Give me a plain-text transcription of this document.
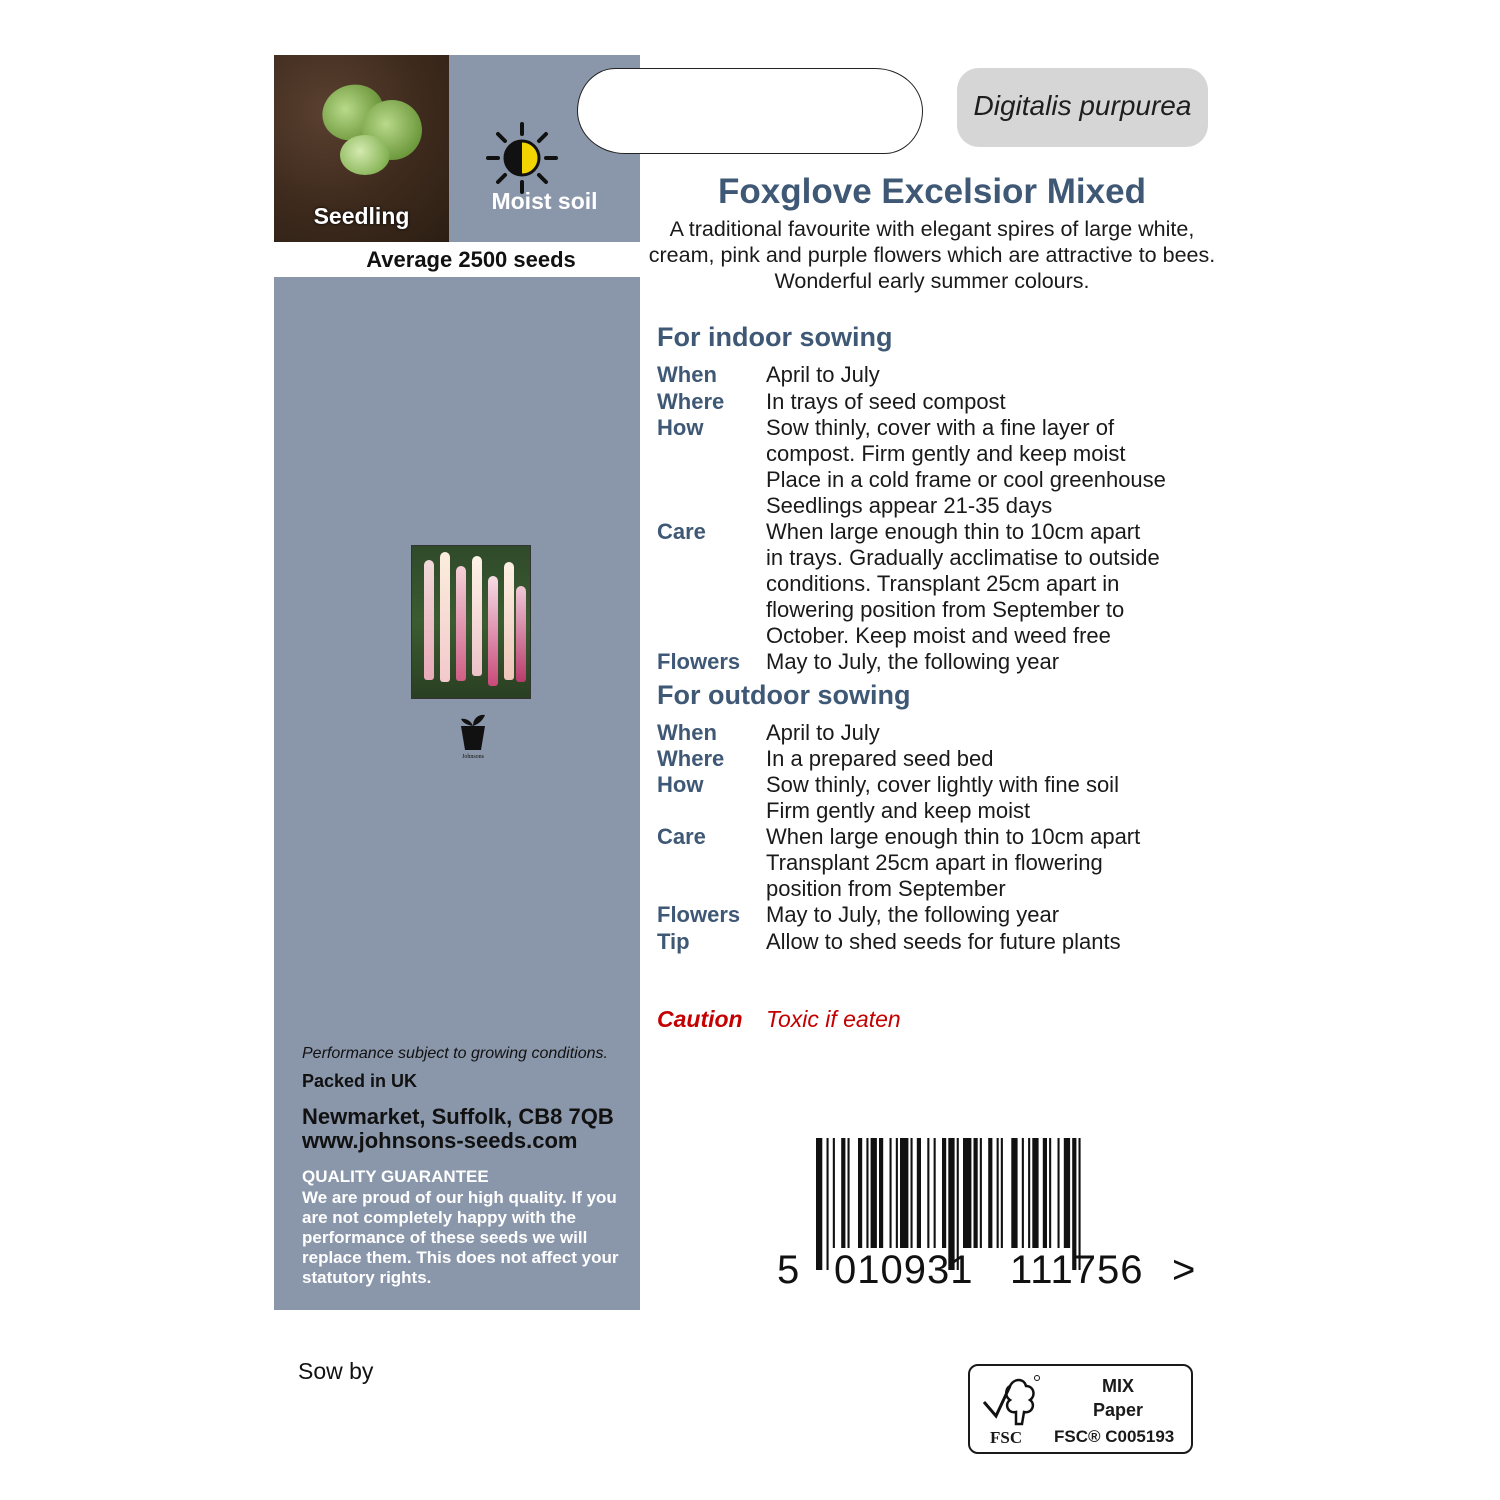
Seedling
Moist soil
Average 2500 seeds
Johnsons
Performance subject to growing conditions.
Packed in UK
Newmarket, Suffolk, CB8 7QB
www.johnsons-seeds.com
QUALITY GUARANTEE
We are proud of our high quality. If you are not completely happy with the performance of these seeds we will replace them. This does not affect your statutory rights.
Sow by
Digitalis purpurea
Foxglove Excelsior Mixed
A traditional favourite with elegant spires of large white, cream, pink and purple flowers which are attractive to bees. Wonderful early summer colours.
For indoor sowing
When April to July
Where In trays of seed compost
How	Sow thinly, cover with a fine layer of
compost. Firm gently and keep moist
Place in a cold frame or cool greenhouse
Seedlings appear 21-35 days
Care	When large enough thin to 10cm apart
in trays. Gradually acclimatise to outside
conditions. Transplant 25cm apart in
flowering position from September to
October. Keep moist and weed free
Flowers May to July, the following year
For outdoor sowing
When April to July
Where In a prepared seed bed
How	Sow thinly, cover lightly with fine soil
Firm gently and keep moist
Care	When large enough thin to 10cm apart
Transplant 25cm apart in flowering
position from September
Flowers May to July, the following year
Tip	Allow to shed seeds for future plants
Caution Toxic if eaten
5 010931 111756 >
FSC
MIX
Paper
FSC® C005193
